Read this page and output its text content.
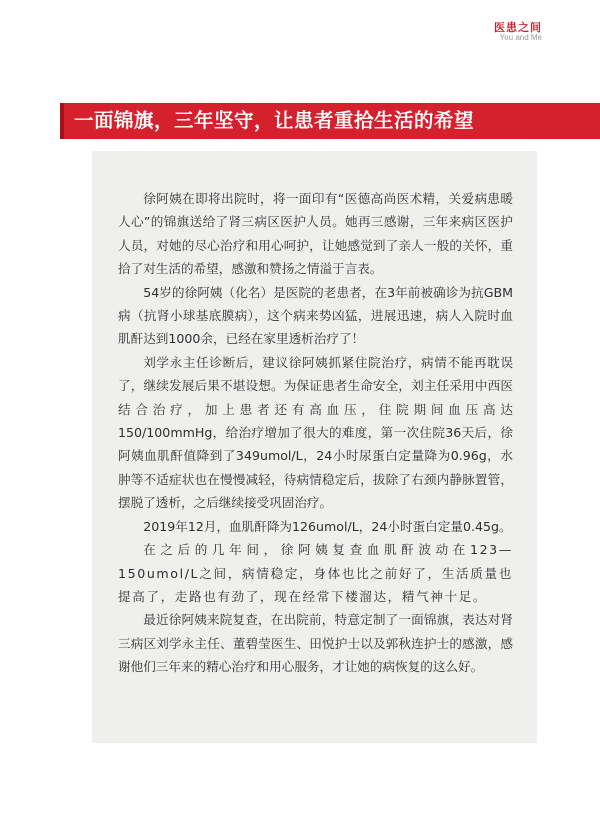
医患之间
You and Me
一面锦旗，三年坚守，让患者重拾生活的希望

徐阿姨在即将出院时，将一面印有“医德高尚医术精，关爱病患暖人心”的锦旗送给了肾三病区医护人员。她再三感谢，三年来病区医护人员，对她的尽心治疗和用心呵护，让她感觉到了亲人一般的关怀，重拾了对生活的希望，感激和赞扬之情溢于言表。

54岁的徐阿姨（化名）是医院的老患者，在3年前被确诊为抗GBM病（抗肾小球基底膜病），这个病来势凶猛，进展迅速，病人入院时血肌酐达到1000余，已经在家里透析治疗了！

刘学永主任诊断后，建议徐阿姨抓紧住院治疗，病情不能再耽误了，继续发展后果不堪设想。为保证患者生命安全，刘主任采用中西医结合治疗，加上患者还有高血压，住院期间血压高达150/100mmHg，给治疗增加了很大的难度，第一次住院36天后，徐阿姨血肌酐值降到了349umol/L，24小时尿蛋白定量降为0.96g，水肿等不适症状也在慢慢减轻，待病情稳定后，拔除了右颈内静脉置管，摆脱了透析，之后继续接受巩固治疗。

2019年12月，血肌酐降为126umol/L，24小时蛋白定量0.45g。

在之后的几年间，徐阿姨复查血肌酐波动在123—150umol/L之间，病情稳定，身体也比之前好了，生活质量也提高了，走路也有劲了，现在经常下楼溜达，精气神十足。

最近徐阿姨来院复查，在出院前，特意定制了一面锦旗，表达对肾三病区刘学永主任、董碧莹医生、田悦护士以及郭秋连护士的感激，感谢他们三年来的精心治疗和用心服务，才让她的病恢复的这么好。
